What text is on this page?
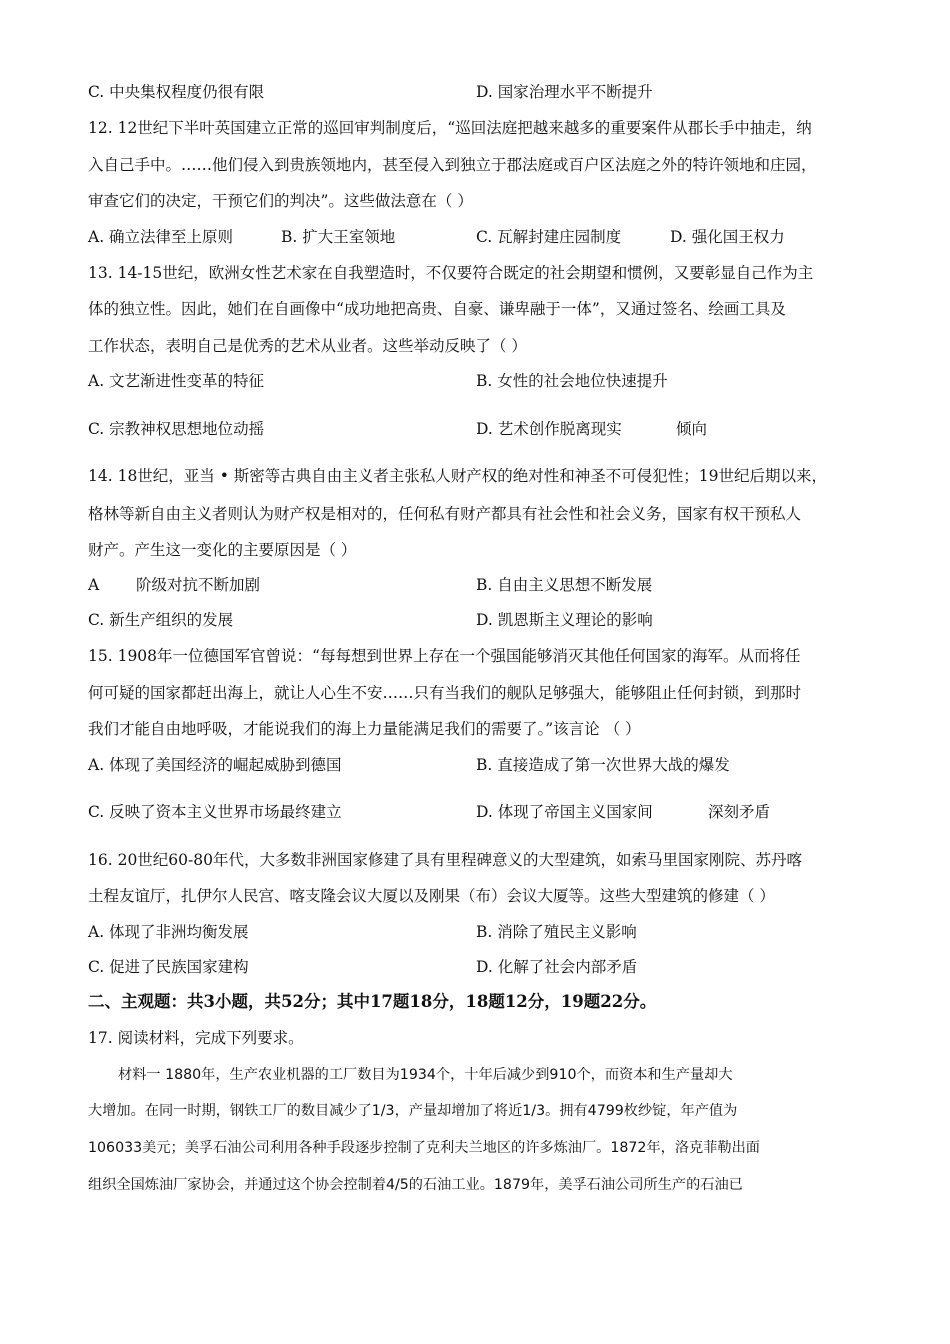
C. 中央集权程度仍很有限	D. 国家治理水平不断提升
12. 12世纪下半叶英国建立正常的巡回审判制度后，“巡回法庭把越来越多的重要案件从郡长手中抽走，纳
入自己手中。……他们侵入到贵族领地内，甚至侵入到独立于郡法庭或百户区法庭之外的特许领地和庄园，
审查它们的决定，干预它们的判决”。这些做法意在（ ）
A. 确立法律至上原则	B. 扩大王室领地	C. 瓦解封建庄园制度	D. 强化国王权力
13. 14-15世纪，欧洲女性艺术家在自我塑造时，不仅要符合既定的社会期望和惯例，又要彰显自己作为主
体的独立性。因此，她们在自画像中“成功地把高贵、自豪、谦卑融于一体”，又通过签名、绘画工具及
工作状态，表明自己是优秀的艺术从业者。这些举动反映了（ ）
A. 文艺渐进性变革的特征	B. 女性的社会地位快速提升
C. 宗教神权思想地位动摇	D. 艺术创作脱离现实	倾向
14. 18世纪，亚当 • 斯密等古典自由主义者主张私人财产权的绝对性和神圣不可侵犯性；19世纪后期以来，
格林等新自由主义者则认为财产权是相对的，任何私有财产都具有社会性和社会义务，国家有权干预私人
财产。产生这一变化的主要原因是（ ）
A 阶级对抗不断加剧	B. 自由主义思想不断发展
C. 新生产组织的发展	D. 凯恩斯主义理论的影响
15. 1908年一位德国军官曾说：“每每想到世界上存在一个强国能够消灭其他任何国家的海军。从而将任
何可疑的国家都赶出海上，就让人心生不安……只有当我们的舰队足够强大，能够阻止任何封锁，到那时
我们才能自由地呼吸，才能说我们的海上力量能满足我们的需要了。”该言论 （ ）
A. 体现了美国经济的崛起威胁到德国	B. 直接造成了第一次世界大战的爆发
C. 反映了资本主义世界市场最终建立	D. 体现了帝国主义国家间	深刻矛盾
16. 20世纪60-80年代，大多数非洲国家修建了具有里程碑意义的大型建筑，如索马里国家刚院、苏丹喀
土程友谊厅，扎伊尔人民宫、喀支隆会议大厦以及刚果（布）会议大厦等。这些大型建筑的修建（ ）
A. 体现了非洲均衡发展	B. 消除了殖民主义影响
C. 促进了民族国家建构	D. 化解了社会内部矛盾
二、主观题：共3小题，共52分；其中17题18分，18题12分，19题22分。
17. 阅读材料，完成下列要求。
材料一 1880年，生产农业机器的工厂数目为1934个，十年后减少到910个，而资本和生产量却大
大增加。在同一时期，钢铁工厂的数目减少了1/3，产量却增加了将近1/3。拥有4799枚纱锭，年产值为
106033美元；美孚石油公司利用各种手段逐步控制了克利夫兰地区的许多炼油厂。1872年，洛克菲勒出面
组织全国炼油厂家协会，并通过这个协会控制着4/5的石油工业。1879年，美孚石油公司所生产的石油已
